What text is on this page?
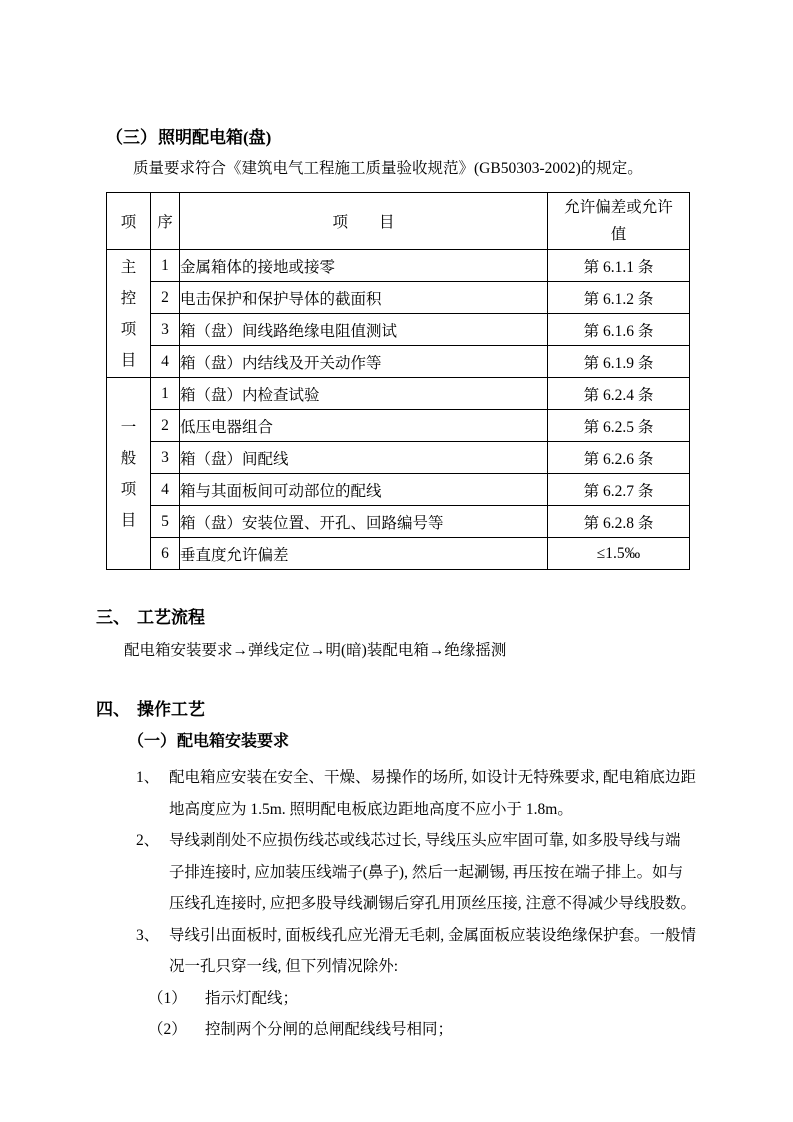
（三）照明配电箱(盘)
质量要求符合《建筑电气工程施工质量验收规范》(GB50303-2002)的规定。
项	序	项　　目	允许偏差或允许值

主
控
项
目	1	金属箱体的接地或接零	第 6.1.1 条
	2	电击保护和保护导体的截面积	第 6.1.2 条
	3	箱（盘）间线路绝缘电阻值测试	第 6.1.6 条
	4	箱（盘）内结线及开关动作等	第 6.1.9 条

一
般
项
目	1	箱（盘）内检查试验	第 6.2.4 条
	2	低压电器组合	第 6.2.5 条
	3	箱（盘）间配线	第 6.2.6 条
	4	箱与其面板间可动部位的配线	第 6.2.7 条
	5	箱（盘）安装位置、开孔、回路编号等	第 6.2.8 条
	6	垂直度允许偏差	≤1.5‰
三、 工艺流程
配电箱安装要求→弹线定位→明(暗)装配电箱→绝缘摇测
四、 操作工艺
（一）配电箱安装要求
1、 配电箱应安装在安全、干燥、易操作的场所, 如设计无特殊要求, 配电箱底边距
地高度应为 1.5m. 照明配电板底边距地高度不应小于 1.8m。
2、 导线剥削处不应损伤线芯或线芯过长, 导线压头应牢固可靠, 如多股导线与端
子排连接时, 应加装压线端子(鼻子), 然后一起涮锡, 再压按在端子排上。如与
压线孔连接时, 应把多股导线涮锡后穿孔用顶丝压接, 注意不得减少导线股数。
3、 导线引出面板时, 面板线孔应光滑无毛刺, 金属面板应装设绝缘保护套。一般情
况一孔只穿一线, 但下列情况除外:
（1） 指示灯配线；
（2） 控制两个分闸的总闸配线线号相同；
